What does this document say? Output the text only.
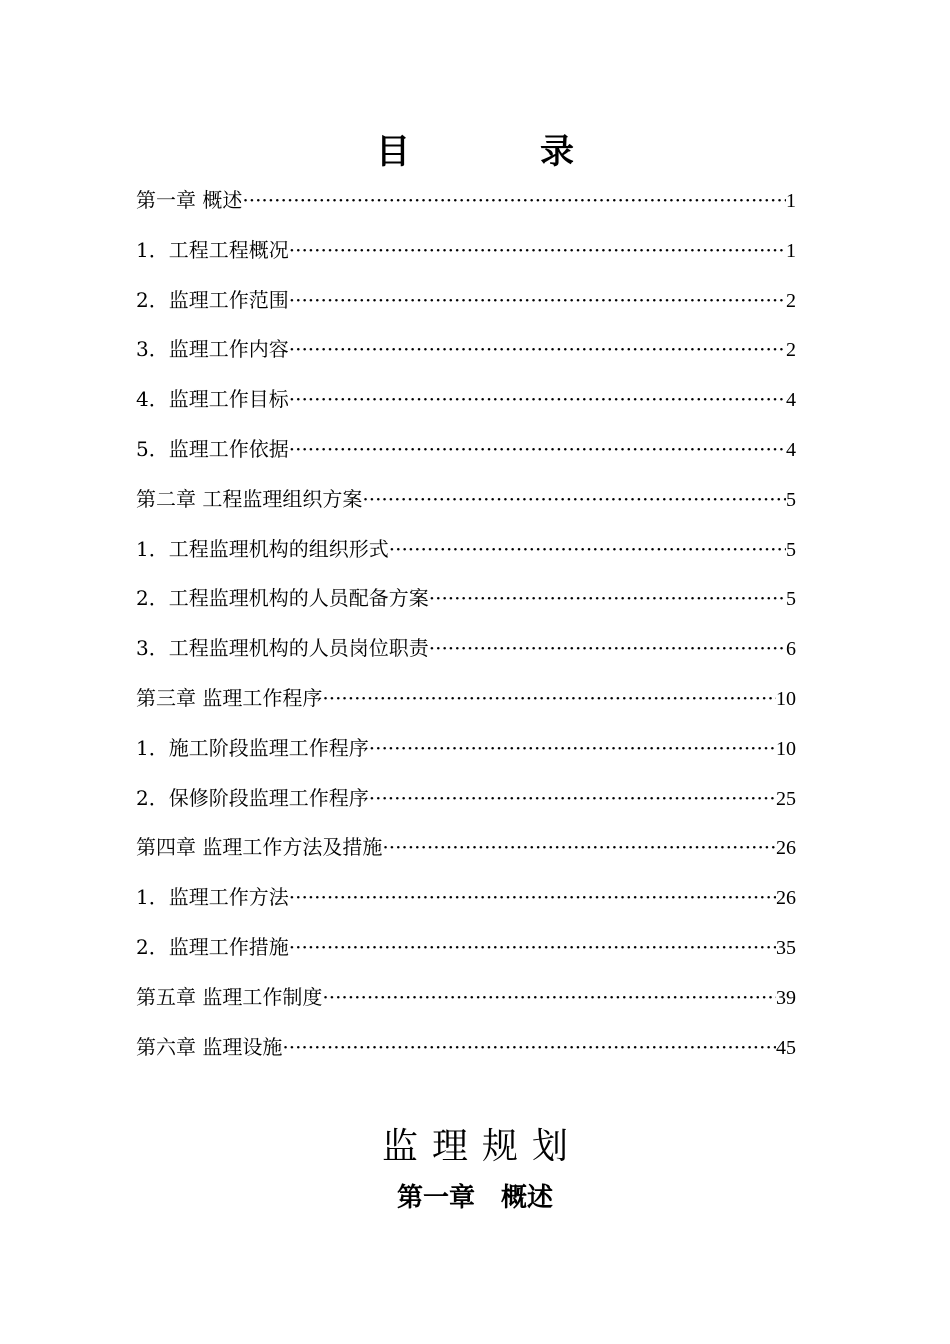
目　录
第一章 概述 ·····	1
1．工程工程概况 ·····	1
2．监理工作范围 ·····	2
3．监理工作内容 ·····	2
4．监理工作目标 ·····	4
5．监理工作依据 ·····	4
第二章 工程监理组织方案 ·····	5
1．工程监理机构的组织形式 ·····	5
2．工程监理机构的人员配备方案 ·····	5
3．工程监理机构的人员岗位职责 ·····	6
第三章 监理工作程序 ·····	10
1．施工阶段监理工作程序 ·····	10
2．保修阶段监理工作程序 ·····	25
第四章 监理工作方法及措施 ·····	26
1．监理工作方法 ·····	26
2．监理工作措施 ·····	35
第五章 监理工作制度 ·····	39
第六章 监理设施 ·····	45
监理规划
第一章 概述
